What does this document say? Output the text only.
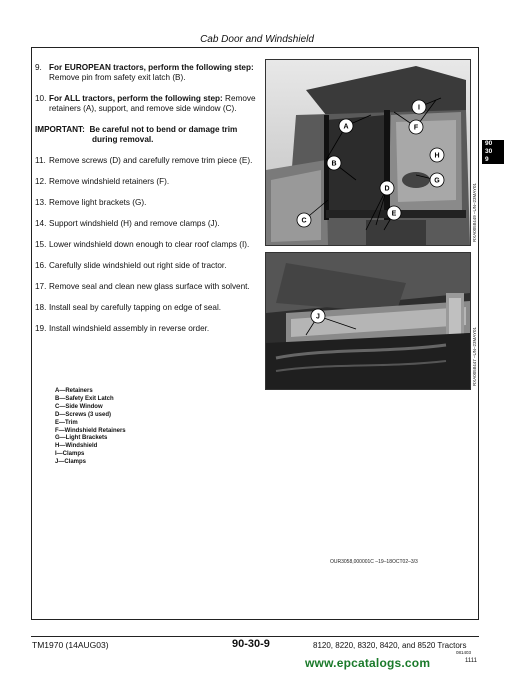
Cab Door and Windshield
9. For EUROPEAN tractors, perform the following step: Remove pin from safety exit latch (B).
10. For ALL tractors, perform the following step: Remove retainers (A), support, and remove side window (C).
IMPORTANT: Be careful not to bend or damage trim during removal.
11. Remove screws (D) and carefully remove trim piece (E).
12. Remove windshield retainers (F).
13. Remove light brackets (G).
14. Support windshield (H) and remove clamps (J).
15. Lower windshield down enough to clear roof clamps (I).
16. Carefully slide windshield out right side of tractor.
17. Remove seal and clean new glass surface with solvent.
18. Install seal by carefully tapping on edge of seal.
19. Install windshield assembly in reverse order.
A—Retainers
B—Safety Exit Latch
C—Side Window
D—Screws (3 used)
E—Trim
F—Windshield Retainers
G—Light Brackets
H—Windshield
I—Clamps
J—Clamps
A
B
C
D
E
F
G
H
I
RXA0058449 –UN–23MAY01
J
RXA0058447 –UN–23MAY01
OUR3058,000001C –19–18OCT02–3/3
90
30
9
TM1970 (14AUG03)	90-30-9	8120, 8220, 8320, 8420, and 8520 Tractors
081403
www.epcatalogs.com	1111
